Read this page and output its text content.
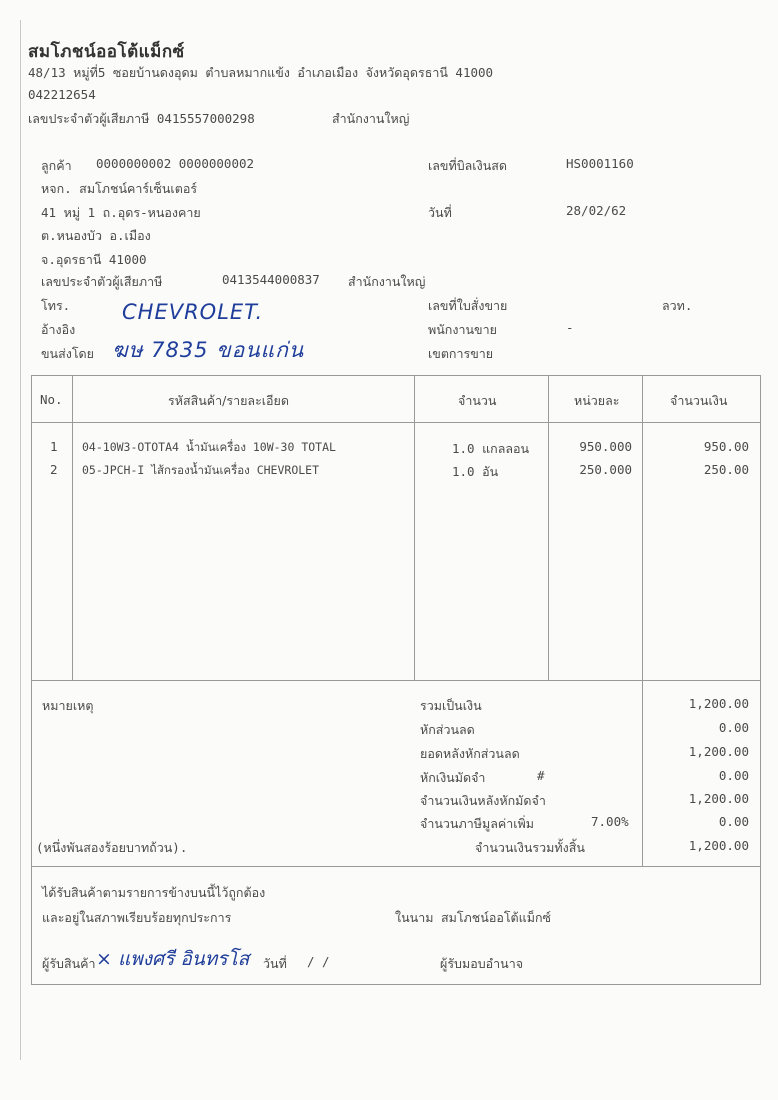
สมโภชน์ออโต้แม็กซ์
48/13 หมู่ที่5 ซอยบ้านดงอุดม ตำบลหมากแข้ง อำเภอเมือง จังหวัดอุดรธานี 41000
042212654
เลขประจำตัวผู้เสียภาษี 0415557000298	สำนักงานใหญ่
ลูกค้า 0000000002 0000000002
หจก. สมโภชน์คาร์เซ็นเตอร์
41 หมู่ 1 ถ.อุดร-หนองคาย
ต.หนองบัว อ.เมือง
จ.อุดรธานี 41000
เลขประจำตัวผู้เสียภาษี	0413544000837 สำนักงานใหญ่
โทร.
อ้างอิง
ขนส่งโดย
CHEVROLET.
ฆษ 7835 ขอนแก่น
เลขที่บิลเงินสด	HS0001160
วันที่	28/02/62
เลขที่ใบสั่งขาย	ลวท.
พนักงานขาย	-
เขตการขาย
No.	รหัสสินค้า/รายละเอียด	จำนวน	หน่วยละ	จำนวนเงิน
1 04-10W3-OTOTA4 น้ำมันเครื่อง 10W-30 TOTAL	1.0 แกลลอน	950.000	950.00
2 05-JPCH-I ไส้กรองน้ำมันเครื่อง CHEVROLET	1.0 อัน	250.000	250.00
หมายเหตุ	รวมเป็นเงิน	1,200.00
หักส่วนลด	0.00
ยอดหลังหักส่วนลด	1,200.00
หักเงินมัดจำ	#	0.00
จำนวนเงินหลังหักมัดจำ	1,200.00
จำนวนภาษีมูลค่าเพิ่ม	7.00%	0.00
(หนึ่งพันสองร้อยบาทถ้วน).	จำนวนเงินรวมทั้งสิ้น	1,200.00
ได้รับสินค้าตามรายการข้างบนนี้ไว้ถูกต้อง
และอยู่ในสภาพเรียบร้อยทุกประการ	ในนาม สมโภชน์ออโต้แม็กซ์
ผู้รับสินค้า × แพงศรี อินทรโส วันที่ / /	ผู้รับมอบอำนาจ
